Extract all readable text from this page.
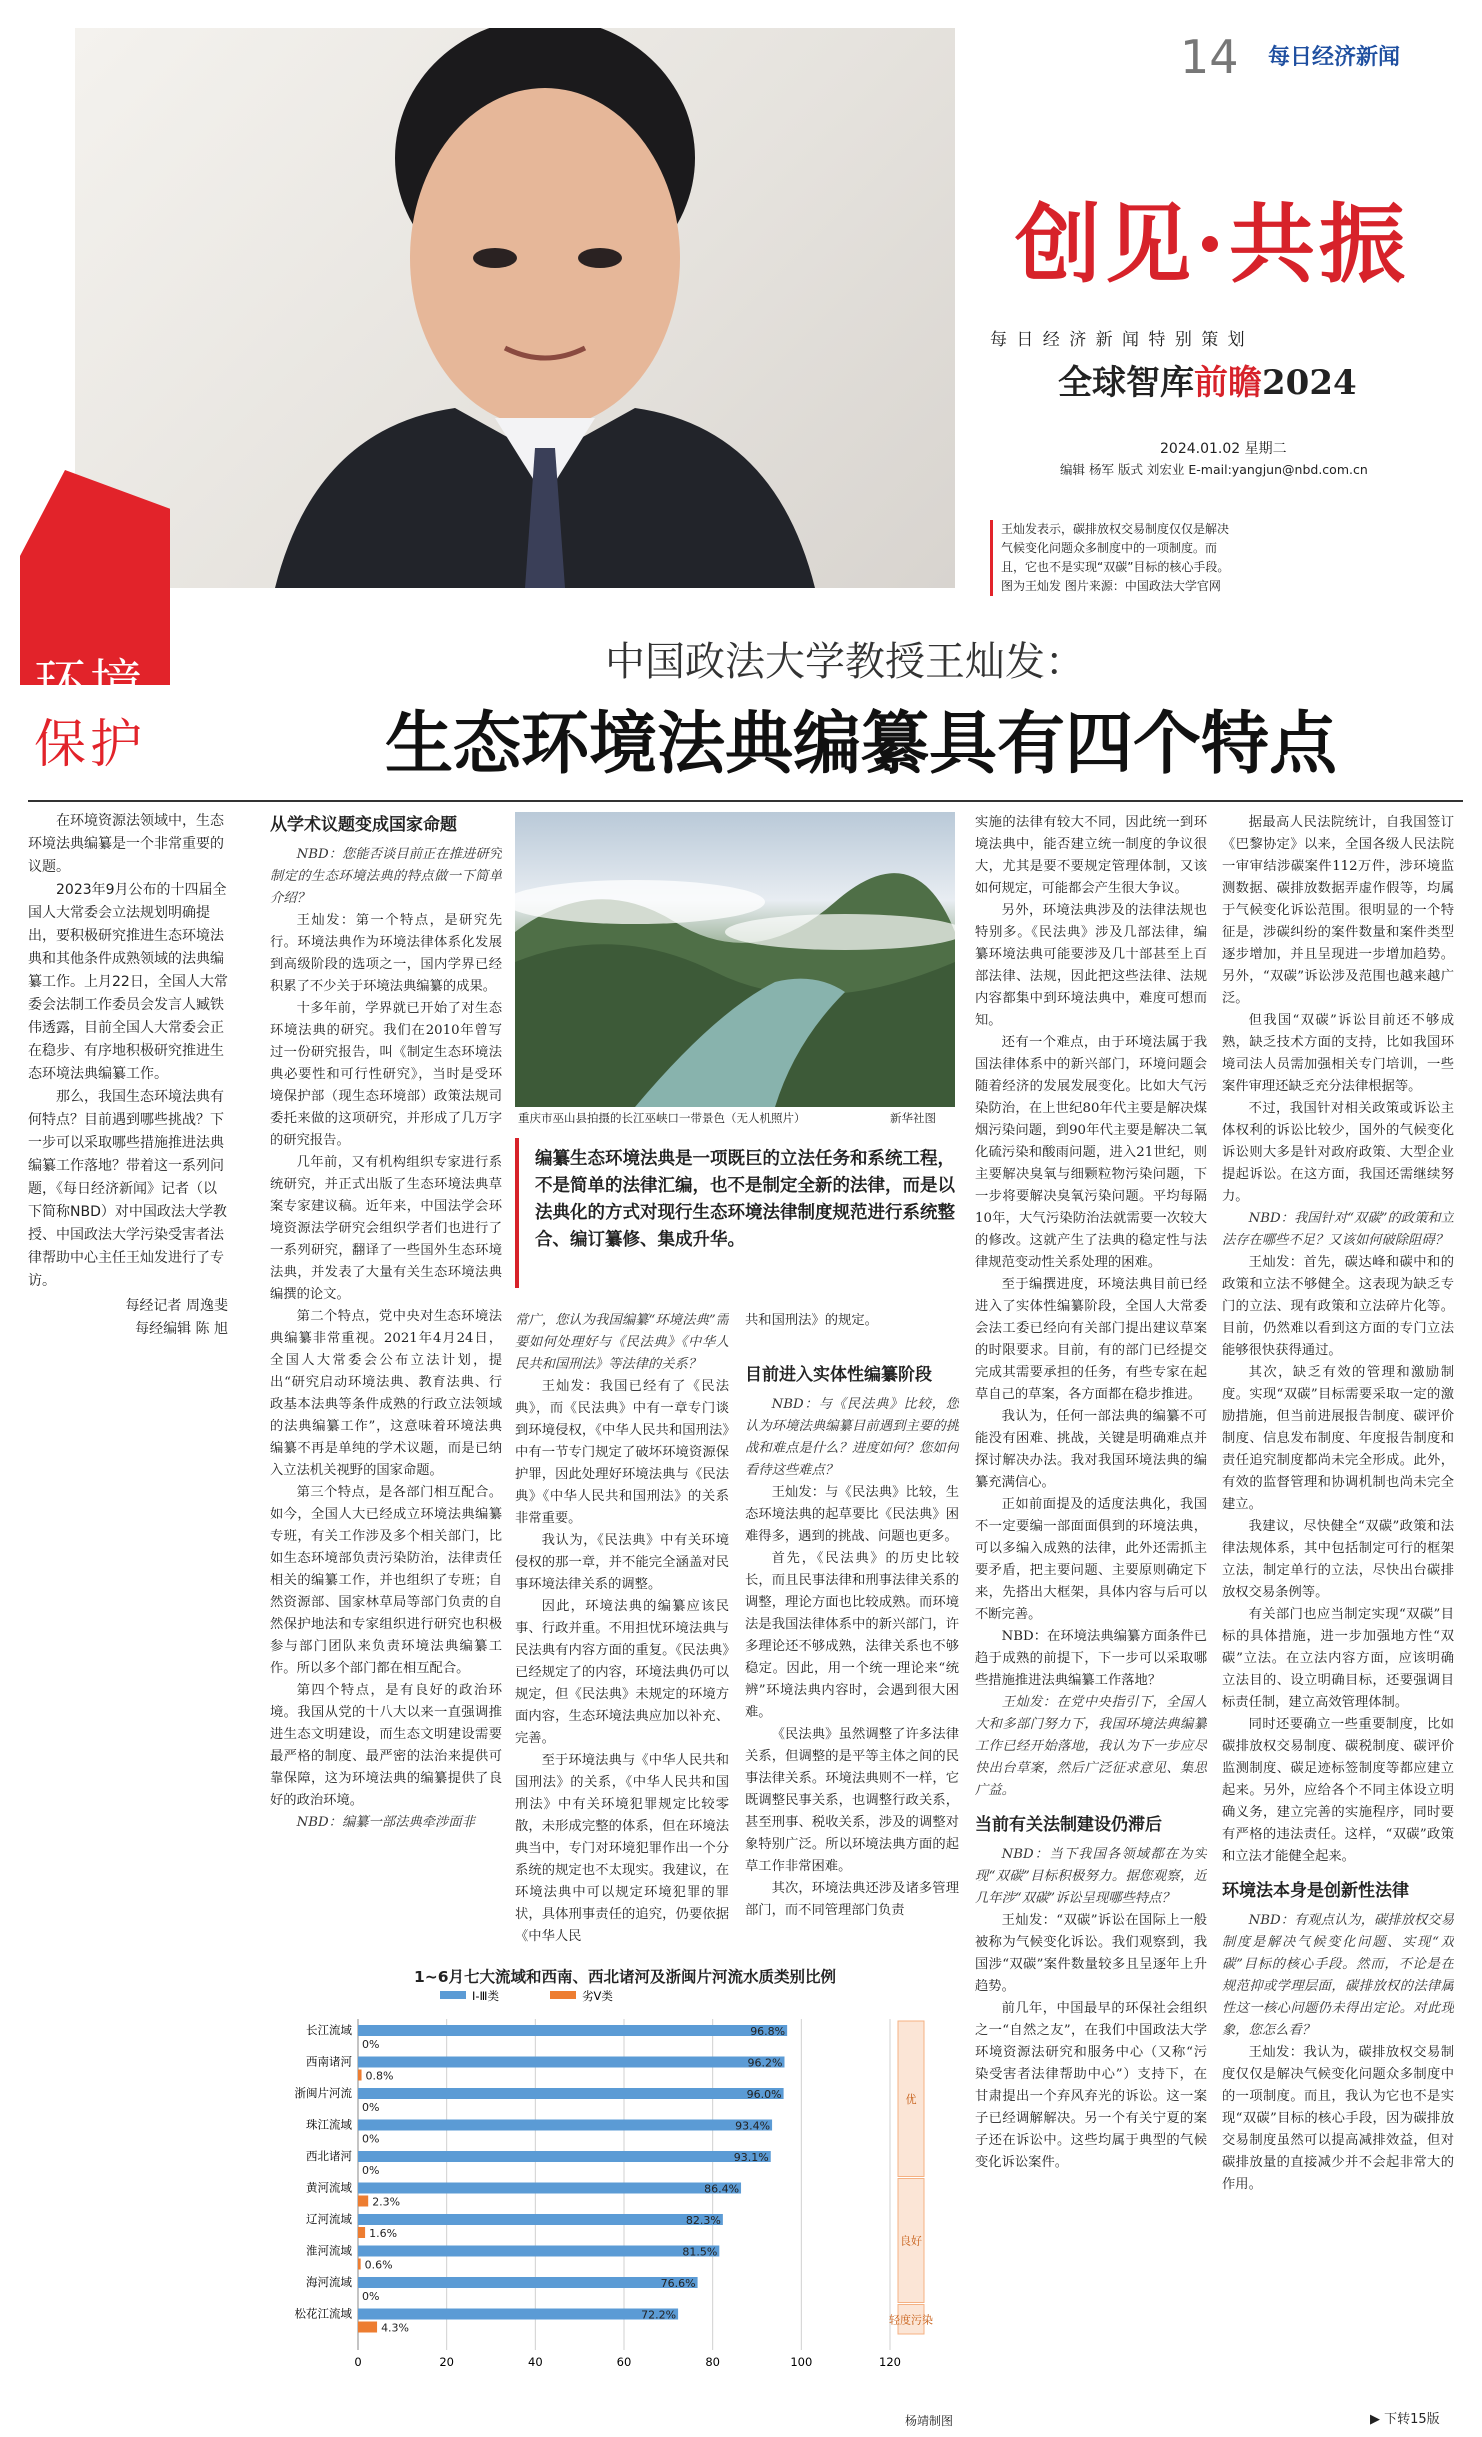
14 每日经济新闻
环境
保护
创见·共振
每 日 经 济 新 闻 特 别 策 划
全球智库前瞻2024
2024.01.02 星期二
编辑 杨军 版式 刘宏业 E-mail:yangjun@nbd.com.cn
王灿发表示，碳排放权交易制度仅仅是解决气候变化问题众多制度中的一项制度。而且，它也不是实现“双碳”目标的核心手段。图为王灿发 图片来源：中国政法大学官网
中国政法大学教授王灿发：
生态环境法典编纂具有四个特点

在环境资源法领域中，生态环境法典编纂是一个非常重要的议题。

2023年9月公布的十四届全国人大常委会立法规划明确提出，要积极研究推进生态环境法典和其他条件成熟领域的法典编纂工作。上月22日，全国人大常委会法制工作委员会发言人臧铁伟透露，目前全国人大常委会正在稳步、有序地积极研究推进生态环境法典编纂工作。

那么，我国生态环境法典有何特点？目前遇到哪些挑战？下一步可以采取哪些措施推进法典编纂工作落地？带着这一系列问题，《每日经济新闻》记者（以下简称NBD）对中国政法大学教授、中国政法大学污染受害者法律帮助中心主任王灿发进行了专访。

每经记者 周逸斐
每经编辑 陈 旭
从学术议题变成国家命题

NBD：您能否谈目前正在推进研究制定的生态环境法典的特点做一下简单介绍？

王灿发：第一个特点，是研究先行。环境法典作为环境法律体系化发展到高级阶段的选项之一，国内学界已经积累了不少关于环境法典编纂的成果。

十多年前，学界就已开始了对生态环境法典的研究。我们在2010年曾写过一份研究报告，叫《制定生态环境法典必要性和可行性研究》，当时是受环境保护部（现生态环境部）政策法规司委托来做的这项研究，并形成了几万字的研究报告。

几年前，又有机构组织专家进行系统研究，并正式出版了生态环境法典草案专家建议稿。近年来，中国法学会环境资源法学研究会组织学者们也进行了一系列研究，翻译了一些国外生态环境法典，并发表了大量有关生态环境法典编撰的论文。

第二个特点，党中央对生态环境法典编纂非常重视。2021年4月24日，全国人大常委会公布立法计划，提出“研究启动环境法典、教育法典、行政基本法典等条件成熟的行政立法领域的法典编纂工作”，这意味着环境法典编纂不再是单纯的学术议题，而是已纳入立法机关视野的国家命题。

第三个特点，是各部门相互配合。如今，全国人大已经成立环境法典编纂专班，有关工作涉及多个相关部门，比如生态环境部负责污染防治，法律责任相关的编纂工作，并也组织了专班；自然资源部、国家林草局等部门负责的自然保护地法和专家组织进行研究也积极参与部门团队来负责环境法典编纂工作。所以多个部门都在相互配合。

第四个特点，是有良好的政治环境。我国从党的十八大以来一直强调推进生态文明建设，而生态文明建设需要最严格的制度、最严密的法治来提供可靠保障，这为环境法典的编纂提供了良好的政治环境。

NBD：编纂一部法典牵涉面非

重庆市巫山县拍摄的长江巫峡口一带景色（无人机照片）	新华社图
编纂生态环境法典是一项既巨的立法任务和系统工程，不是简单的法律汇编，也不是制定全新的法律，而是以法典化的方式对现行生态环境法律制度规范进行系统整合、编订纂修、集成升华。

常广，您认为我国编纂“环境法典”需要如何处理好与《民法典》《中华人民共和国刑法》等法律的关系？

王灿发：我国已经有了《民法典》，而《民法典》中有一章专门谈到环境侵权，《中华人民共和国刑法》中有一节专门规定了破坏环境资源保护罪，因此处理好环境法典与《民法典》《中华人民共和国刑法》的关系非常重要。

我认为，《民法典》中有关环境侵权的那一章，并不能完全涵盖对民事环境法律关系的调整。

因此，环境法典的编纂应该民事、行政并重。不用担忧环境法典与民法典有内容方面的重复。《民法典》已经规定了的内容，环境法典仍可以规定，但《民法典》未规定的环境方面内容，生态环境法典应加以补充、完善。

至于环境法典与《中华人民共和国刑法》的关系，《中华人民共和国刑法》中有关环境犯罪规定比较零散，未形成完整的体系，但在环境法典当中，专门对环境犯罪作出一个分系统的规定也不太现实。我建议，在环境法典中可以规定环境犯罪的罪状，具体刑事责任的追究，仍要依据《中华人民

共和国刑法》的规定。

目前进入实体性编纂阶段

NBD：与《民法典》比较，您认为环境法典编纂目前遇到主要的挑战和难点是什么？进度如何？您如何看待这些难点？

王灿发：与《民法典》比较，生态环境法典的起草要比《民法典》困难得多，遇到的挑战、问题也更多。

首先，《民法典》的历史比较长，而且民事法律和刑事法律关系的调整，理论方面也比较成熟。而环境法是我国法律体系中的新兴部门，许多理论还不够成熟，法律关系也不够稳定。因此，用一个统一理论来“统辨”环境法典内容时，会遇到很大困难。

《民法典》虽然调整了许多法律关系，但调整的是平等主体之间的民事法律关系。环境法典则不一样，它既调整民事关系，也调整行政关系，甚至刑事、税收关系，涉及的调整对象特别广泛。所以环境法典方面的起草工作非常困难。

其次，环境法典还涉及诸多管理部门，而不同管理部门负责

实施的法律有较大不同，因此统一到环境法典中，能否建立统一制度的争议很大，尤其是要不要规定管理体制，又该如何规定，可能都会产生很大争议。

另外，环境法典涉及的法律法规也特别多。《民法典》涉及几部法律，编纂环境法典可能要涉及几十部甚至上百部法律、法规，因此把这些法律、法规内容都集中到环境法典中，难度可想而知。

还有一个难点，由于环境法属于我国法律体系中的新兴部门，环境问题会随着经济的发展发展变化。比如大气污染防治，在上世纪80年代主要是解决煤烟污染问题，到90年代主要是解决二氧化硫污染和酸雨问题，进入21世纪，则主要解决臭氧与细颗粒物污染问题，下一步将要解决臭氧污染问题。平均每隔10年，大气污染防治法就需要一次较大的修改。这就产生了法典的稳定性与法律规范变动性关系处理的困难。

至于编撰进度，环境法典目前已经进入了实体性编纂阶段，全国人大常委会法工委已经向有关部门提出建议草案的时限要求。目前，有的部门已经提交完成其需要承担的任务，有些专家在起草自己的草案，各方面都在稳步推进。

我认为，任何一部法典的编纂不可能没有困难、挑战，关键是明确难点并探讨解决办法。我对我国环境法典的编纂充满信心。

正如前面提及的适度法典化，我国不一定要编一部面面俱到的环境法典，可以多编入成熟的法律，此外还需抓主要矛盾，把主要问题、主要原则确定下来，先搭出大框架，具体内容与后可以不断完善。

NBD：在环境法典编纂方面条件已趋于成熟的前提下，下一步可以采取哪些措施推进法典编纂工作落地？

王灿发：在党中央指引下，全国人大和多部门努力下，我国环境法典编纂工作已经开始落地，我认为下一步应尽快出台草案，然后广泛征求意见、集思广益。

当前有关法制建设仍滞后

NBD：当下我国各领域都在为实现“双碳”目标积极努力。据您观察，近几年涉“双碳”诉讼呈现哪些特点？

王灿发：“双碳”诉讼在国际上一般被称为气候变化诉讼。我们观察到，我国涉“双碳”案件数量较多且呈逐年上升趋势。

前几年，中国最早的环保社会组织之一“自然之友”，在我们中国政法大学环境资源法研究和服务中心（又称“污染受害者法律帮助中心”）支持下，在甘肃提出一个弃风弃光的诉讼。这一案子已经调解解决。另一个有关宁夏的案子还在诉讼中。这些均属于典型的气候变化诉讼案件。

据最高人民法院统计，自我国签订《巴黎协定》以来，全国各级人民法院一审审结涉碳案件112万件，涉环境监测数据、碳排放数据弄虚作假等，均属于气候变化诉讼范围。很明显的一个特征是，涉碳纠纷的案件数量和案件类型逐步增加，并且呈现进一步增加趋势。另外，“双碳”诉讼涉及范围也越来越广泛。

但我国“双碳”诉讼目前还不够成熟，缺乏技术方面的支持，比如我国环境司法人员需加强相关专门培训，一些案件审理还缺乏充分法律根据等。

不过，我国针对相关政策或诉讼主体权利的诉讼比较少，国外的气候变化诉讼则大多是针对政府政策、大型企业提起诉讼。在这方面，我国还需继续努力。

NBD：我国针对“双碳”的政策和立法存在哪些不足？又该如何破除阻碍？

王灿发：首先，碳达峰和碳中和的政策和立法不够健全。这表现为缺乏专门的立法、现有政策和立法碎片化等。目前，仍然难以看到这方面的专门立法能够很快获得通过。

其次，缺乏有效的管理和激励制度。实现“双碳”目标需要采取一定的激励措施，但当前进展报告制度、碳评价制度、信息发布制度、年度报告制度和责任追究制度都尚未完全形成。此外，有效的监督管理和协调机制也尚未完全建立。

我建议，尽快健全“双碳”政策和法律法规体系，其中包括制定可行的框架立法，制定单行的立法，尽快出台碳排放权交易条例等。

有关部门也应当制定实现“双碳”目标的具体措施，进一步加强地方性“双碳”立法。在立法内容方面，应该明确立法目的、设立明确目标，还要强调目标责任制，建立高效管理体制。

同时还要确立一些重要制度，比如碳排放权交易制度、碳税制度、碳评价监测制度、碳足迹标签制度等都应建立起来。另外，应给各个不同主体设立明确义务，建立完善的实施程序，同时要有严格的违法责任。这样，“双碳”政策和立法才能健全起来。

环境法本身是创新性法律

NBD：有观点认为，碳排放权交易制度是解决气候变化问题、实现“双碳”目标的核心手段。然而，不论是在规范抑或学理层面，碳排放权的法律属性这一核心问题仍未得出定论。对此现象，您怎么看？

王灿发：我认为，碳排放权交易制度仅仅是解决气候变化问题众多制度中的一项制度。而且，我认为它也不是实现“双碳”目标的核心手段，因为碳排放交易制度虽然可以提高减排效益，但对碳排放量的直接减少并不会起非常大的作用。

▶ 下转15版
1~6月七大流域和西南、西北诸河及浙闽片河流水质类别比例
Ⅰ-Ⅲ类	劣Ⅴ类
0	20	40	60	80	100	120
长江流域	96.8%
0%
西南诸河	96.2%
0.8%
浙闽片河流	96.0%
0%
珠江流域	93.4%
0%
西北诸河	93.1%
0%
黄河流域	86.4%
2.3%
辽河流域	82.3%
1.6%
淮河流域	81.5%
0.6%
海河流域	76.6%
0%
松花江流域	72.2%
4.3%
优
良好
轻度污染
杨靖制图
